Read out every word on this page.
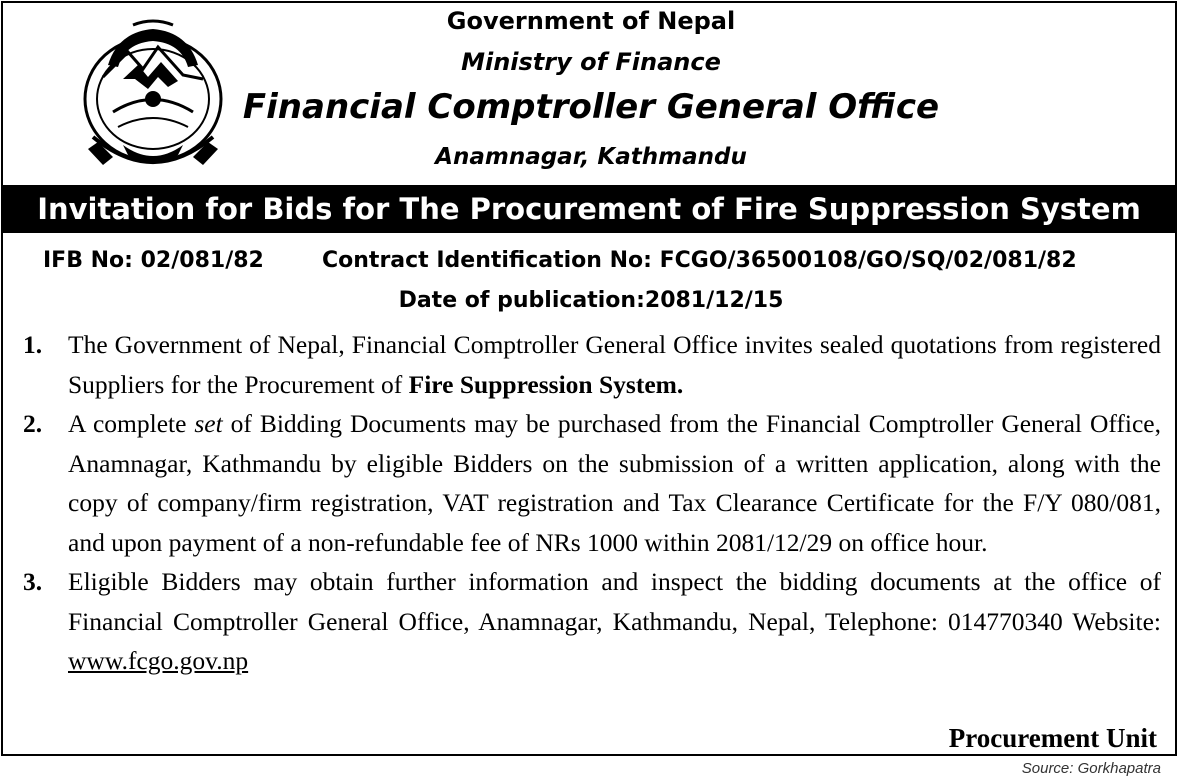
Government of Nepal
Ministry of Finance
Financial Comptroller General Office
Anamnagar, Kathmandu
Invitation for Bids for The Procurement of Fire Suppression System
IFB No: 02/081/82	Contract Identification No: FCGO/36500108/GO/SQ/02/081/82
Date of publication:2081/12/15
1. The Government of Nepal, Financial Comptroller General Office invites sealed quotations from registered Suppliers for the Procurement of Fire Suppression System.
2. A complete set of Bidding Documents may be purchased from the Financial Comptroller General Office, Anamnagar, Kathmandu by eligible Bidders on the submission of a written application, along with the copy of company/firm registration, VAT registration and Tax Clearance Certificate for the F/Y 080/081, and upon payment of a non-refundable fee of NRs 1000 within 2081/12/29 on office hour.
3. Eligible Bidders may obtain further information and inspect the bidding documents at the office of Financial Comptroller General Office, Anamnagar, Kathmandu, Nepal, Telephone: 014770340 Website: www.fcgo.gov.np
Procurement Unit
Source: Gorkhapatra
